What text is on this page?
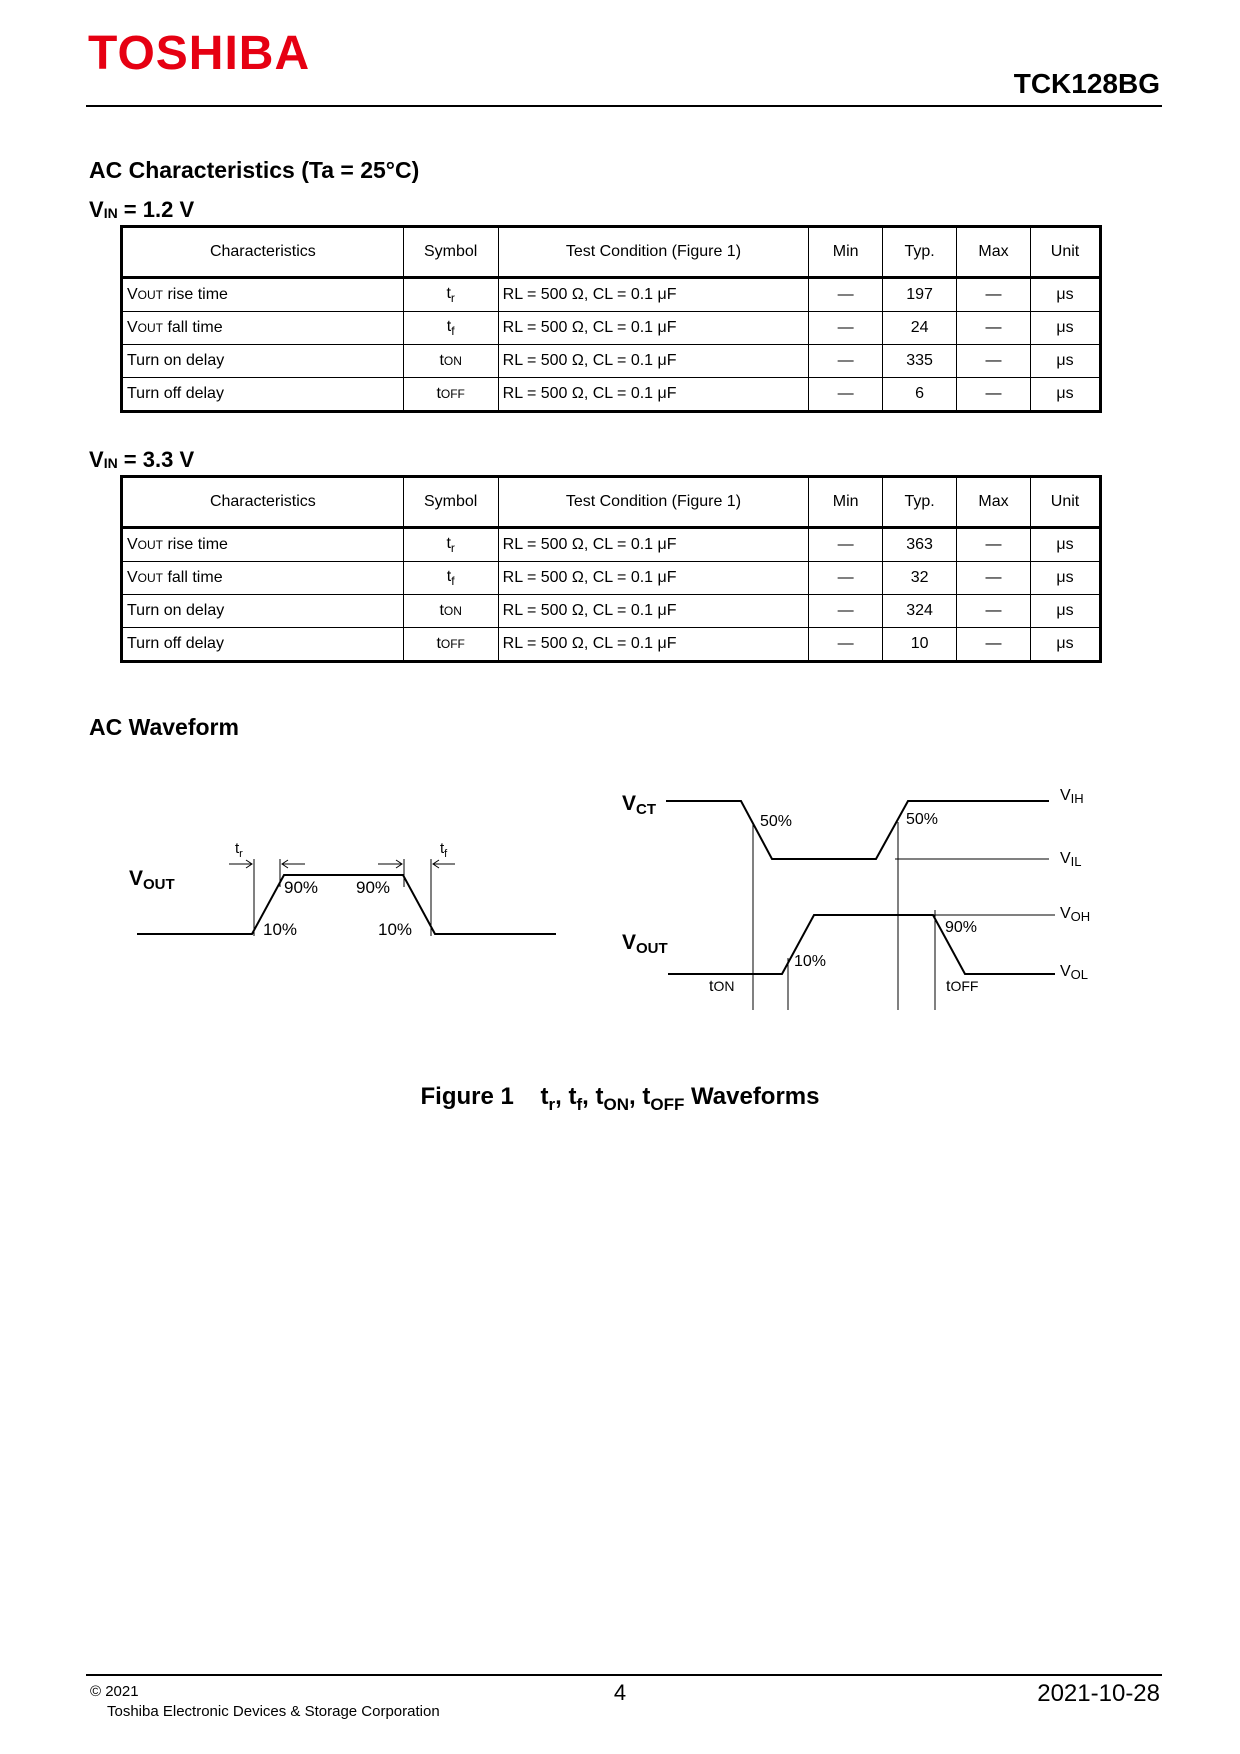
TOSHIBA
TCK128BG
AC Characteristics (Ta = 25°C)
$V_{IN} = 1.2$ V
Characteristics	Symbol	Test Condition (Figure 1)	Min	Typ.	Max	Unit
VOUT rise time	$t_r$	RL = 500 Ω, CL = 0.1 μF	—	197	—	μs
VOUT fall time	$t_f$	RL = 500 Ω, CL = 0.1 μF	—	24	—	μs
Turn on delay	tON	RL = 500 Ω, CL = 0.1 μF	—	335	—	μs
Turn off delay	tOFF	RL = 500 Ω, CL = 0.1 μF	—	6	—	μs
$V_{IN} = 3.3$ V
Characteristics	Symbol	Test Condition (Figure 1)	Min	Typ.	Max	Unit
VOUT rise time	$t_r$	RL = 500 Ω, CL = 0.1 μF	—	363	—	μs
VOUT fall time	$t_f$	RL = 500 Ω, CL = 0.1 μF	—	32	—	μs
Turn on delay	tON	RL = 500 Ω, CL = 0.1 μF	—	324	—	μs
Turn off delay	tOFF	RL = 500 Ω, CL = 0.1 μF	—	10	—	μs
AC Waveform
VOUT
$t_r$	$t_f$
90% 90%
10%	10%
VCT
VOUT
50%	50%
10%
90%
VIH
VIL
VOH
VOL
tON	tOFF
Figure 1 $t_r$, $t_f$, $t_{ON}$, $t_{OFF}$ Waveforms
© 2021
Toshiba Electronic Devices & Storage Corporation
4	2021-10-28
